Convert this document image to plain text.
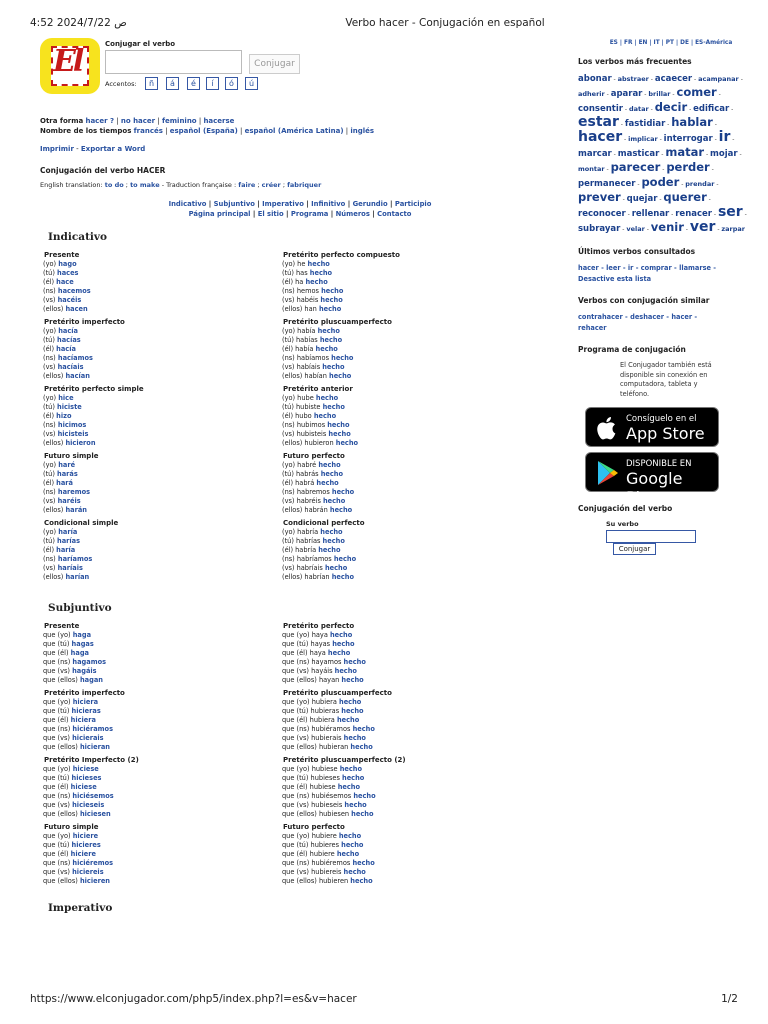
4:52 2024/7/22 ص	Verbo hacer - Conjugación en español
El	Conjugar el verbo
Conjugar
Accentos:	ñ	á	é	í	ó	ú
Otra forma hacer ? | no hacer | feminino | hacerse
Nombre de los tiempos francés | español (España) | español (América Latina) | inglés
Imprimir - Exportar a Word
Conjugación del verbo HACER
English translation: to do ; to make - Traduction française : faire ; créer ; fabriquer
Indicativo | Subjuntivo | Imperativo | Infinitivo | Gerundio | Participio
Página principal | El sitio | Programa | Números | Contacto
Indicativo
Presente
(yo) hago
(tú) haces
(él) hace
(ns) hacemos
(vs) hacéis
(ellos) hacen
Pretérito perfecto compuesto
(yo) he hecho
(tú) has hecho
(él) ha hecho
(ns) hemos hecho
(vs) habéis hecho
(ellos) han hecho
Pretérito imperfecto
(yo) hacía
(tú) hacías
(él) hacía
(ns) hacíamos
(vs) hacíais
(ellos) hacían
Pretérito pluscuamperfecto
(yo) había hecho
(tú) habías hecho
(él) había hecho
(ns) habíamos hecho
(vs) habíais hecho
(ellos) habían hecho
Pretérito perfecto simple
(yo) hice
(tú) hiciste
(él) hizo
(ns) hicimos
(vs) hicisteis
(ellos) hicieron
Pretérito anterior
(yo) hube hecho
(tú) hubiste hecho
(él) hubo hecho
(ns) hubimos hecho
(vs) hubisteis hecho
(ellos) hubieron hecho
Futuro simple
(yo) haré
(tú) harás
(él) hará
(ns) haremos
(vs) haréis
(ellos) harán
Futuro perfecto
(yo) habré hecho
(tú) habrás hecho
(él) habrá hecho
(ns) habremos hecho
(vs) habréis hecho
(ellos) habrán hecho
Condicional simple
(yo) haría
(tú) harías
(él) haría
(ns) haríamos
(vs) haríais
(ellos) harían
Condicional perfecto
(yo) habría hecho
(tú) habrías hecho
(él) habría hecho
(ns) habríamos hecho
(vs) habríais hecho
(ellos) habrían hecho
Subjuntivo
Presente
que (yo) haga
que (tú) hagas
que (él) haga
que (ns) hagamos
que (vs) hagáis
que (ellos) hagan
Pretérito perfecto
que (yo) haya hecho
que (tú) hayas hecho
que (él) haya hecho
que (ns) hayamos hecho
que (vs) hayáis hecho
que (ellos) hayan hecho
Pretérito imperfecto
que (yo) hiciera
que (tú) hicieras
que (él) hiciera
que (ns) hiciéramos
que (vs) hicierais
que (ellos) hicieran
Pretérito pluscuamperfecto
que (yo) hubiera hecho
que (tú) hubieras hecho
que (él) hubiera hecho
que (ns) hubiéramos hecho
que (vs) hubierais hecho
que (ellos) hubieran hecho
Pretérito Imperfecto (2)
que (yo) hiciese
que (tú) hicieses
que (él) hiciese
que (ns) hiciésemos
que (vs) hicieseis
que (ellos) hiciesen
Pretérito pluscuamperfecto (2)
que (yo) hubiese hecho
que (tú) hubieses hecho
que (él) hubiese hecho
que (ns) hubiésemos hecho
que (vs) hubieseis hecho
que (ellos) hubiesen hecho
Futuro simple
que (yo) hiciere
que (tú) hicieres
que (él) hiciere
que (ns) hiciéremos
que (vs) hiciereis
que (ellos) hicieren
Futuro perfecto
que (yo) hubiere hecho
que (tú) hubieres hecho
que (él) hubiere hecho
que (ns) hubiéremos hecho
que (vs) hubiereis hecho
que (ellos) hubieren hecho
Imperativo
ES | FR | EN | IT | PT | DE | ES-América
Los verbos más frecuentes
abonar - abstraer - acaecer - acampanar - adherir - aparar - brillar - comer - consentir - datar - decir - edificar - estar - fastidiar - hablar - hacer - implicar - interrogar - ir - marcar - masticar - matar - mojar - montar - parecer - perder - permanecer - poder - prendar - prever - quejar - querer - reconocer - rellenar - renacer - ser - subrayar - velar - venir - ver - zarpar
Últimos verbos consultados
hacer - leer - ir - comprar - llamarse -
Desactive esta lista
Verbos con conjugación similar
contrahacer - deshacer - hacer -
rehacer
Programa de conjugación
El Conjugador también está disponible sin conexión en computadora, tableta y teléfono.
Consíguelo en el
App Store
DISPONIBLE EN
Google Play
Conjugación del verbo
Su verbo
Conjugar
https://www.elconjugador.com/php5/index.php?l=es&v=hacer	1/2
